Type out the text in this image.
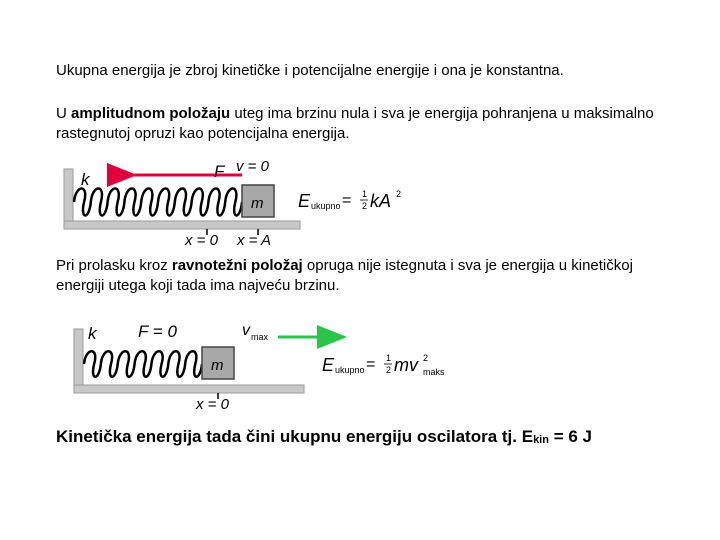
Ukupna energija je zbroj kinetičke i potencijalne energije i ona je konstantna.
U amplitudnom položaju uteg ima brzinu nula i sva je energija pohranjena u maksimalno rastegnutoj opruzi kao potencijalna energija.
m
k	F v = 0
x = 0 x = A
E ukupno = 1
2 kA 2
Pri prolasku kroz ravnotežni položaj opruga nije istegnuta i sva je energija u kinetičkoj energiji utega koji tada ima najveću brzinu.
m
k F = 0	v max
x = 0
E ukupno = 1
2 mv 2
maks
Kinetička energija tada čini ukupnu energiju oscilatora tj. $E_{kin} = 6$ J
